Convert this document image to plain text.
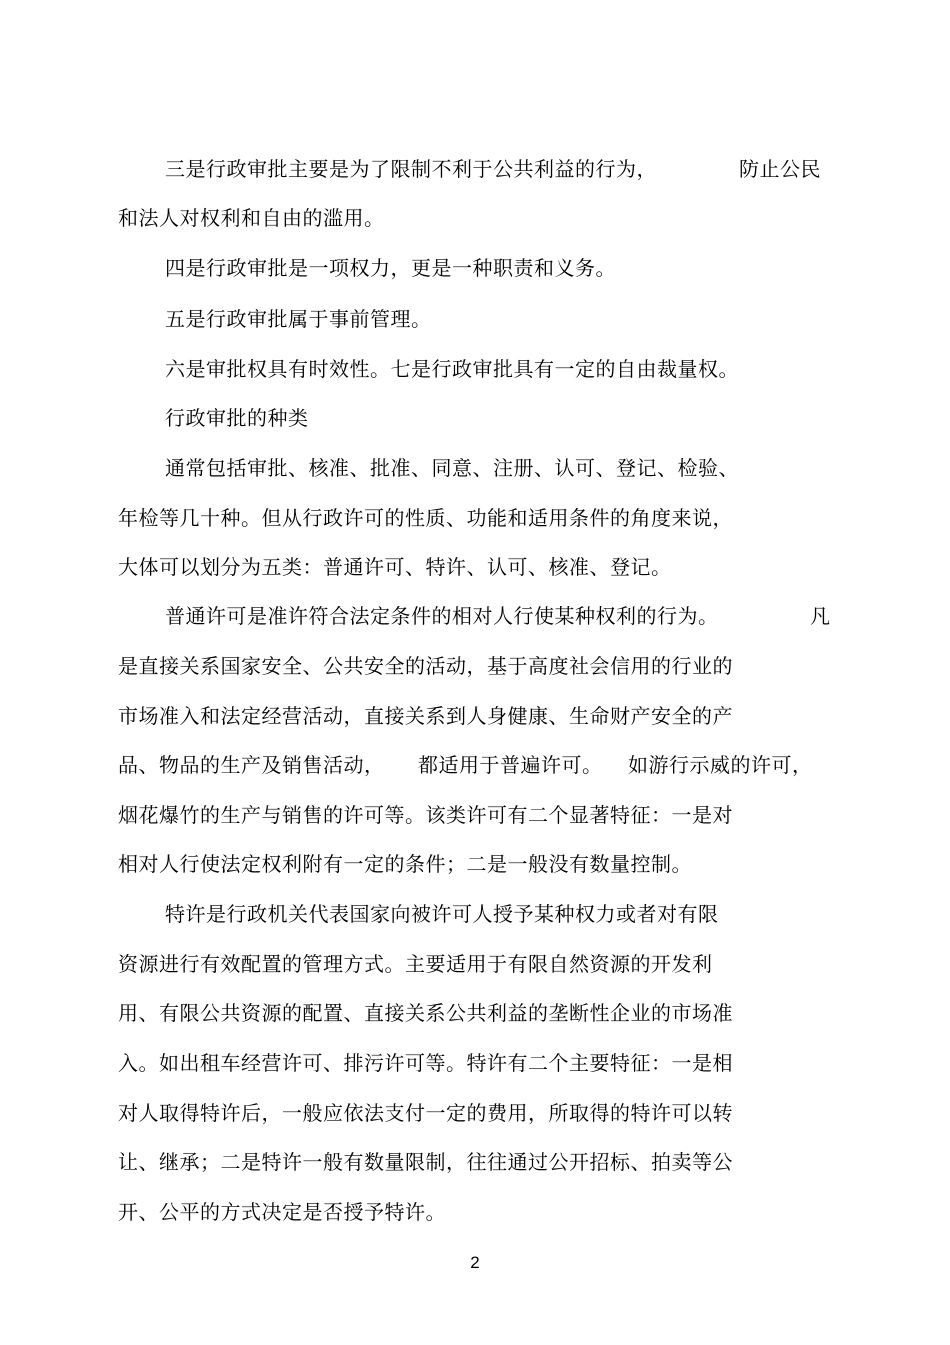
三是行政审批主要是为了限制不利于公共利益的行为，	防止公民
和法人对权利和自由的滥用。
四是行政审批是一项权力，更是一种职责和义务。
五是行政审批属于事前管理。
六是审批权具有时效性。七是行政审批具有一定的自由裁量权。
行政审批的种类
通常包括审批、核准、批准、同意、注册、认可、登记、检验、
年检等几十种。但从行政许可的性质、功能和适用条件的角度来说，
大体可以划分为五类：普通许可、特许、认可、核准、登记。
普通许可是准许符合法定条件的相对人行使某种权利的行为。	凡
是直接关系国家安全、公共安全的活动，基于高度社会信用的行业的
市场准入和法定经营活动，直接关系到人身健康、生命财产安全的产
品、物品的生产及销售活动， 都适用于普遍许可。 如游行示威的许可，
烟花爆竹的生产与销售的许可等。该类许可有二个显著特征：一是对
相对人行使法定权利附有一定的条件；二是一般没有数量控制。
特许是行政机关代表国家向被许可人授予某种权力或者对有限
资源进行有效配置的管理方式。主要适用于有限自然资源的开发利
用、有限公共资源的配置、直接关系公共利益的垄断性企业的市场准
入。如出租车经营许可、排污许可等。特许有二个主要特征：一是相
对人取得特许后，一般应依法支付一定的费用，所取得的特许可以转
让、继承；二是特许一般有数量限制，往往通过公开招标、拍卖等公
开、公平的方式决定是否授予特许。
2
